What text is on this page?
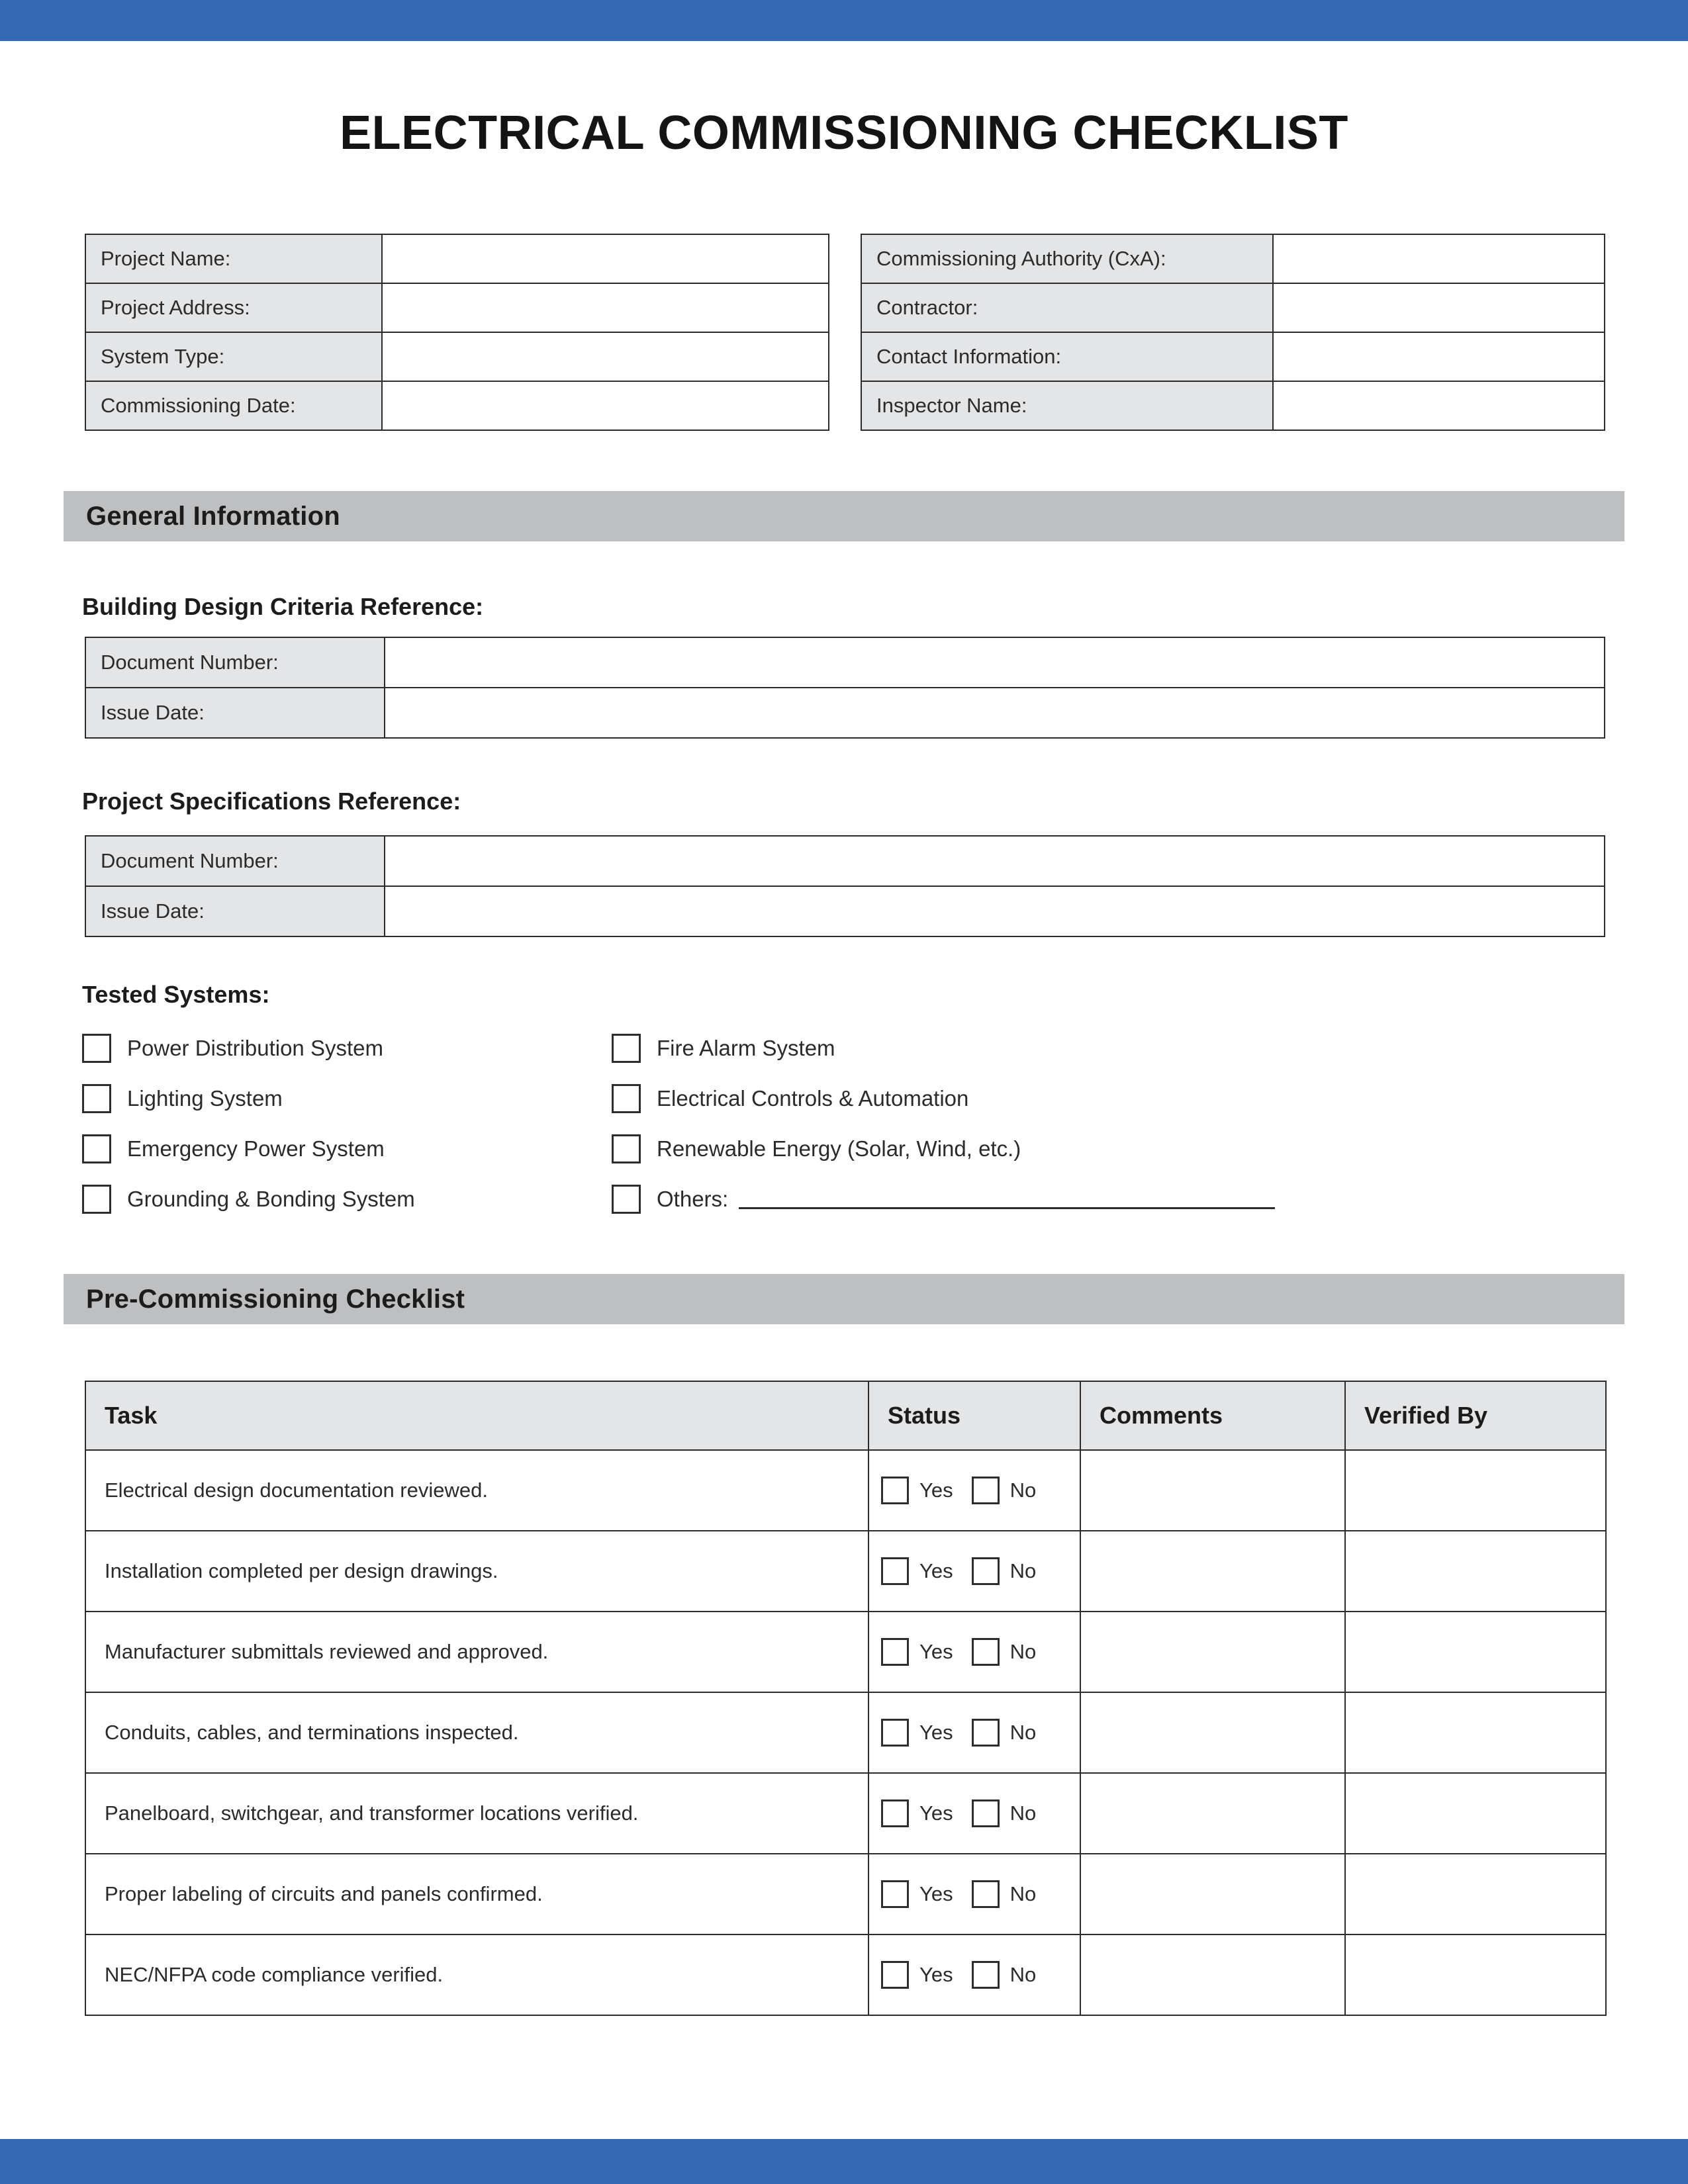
ELECTRICAL COMMISSIONING CHECKLIST
Project Name:	
Project Address:	
System Type:	
Commissioning Date:	
Commissioning Authority (CxA):	
Contractor:	
Contact Information:	
Inspector Name:	
General Information
Building Design Criteria Reference:
Document Number:	
Issue Date:	
Project Specifications Reference:
Document Number:	
Issue Date:	
Tested Systems:
Power Distribution System	Fire Alarm System
Lighting System	Electrical Controls & Automation
Emergency Power System	Renewable Energy (Solar, Wind, etc.)
Grounding & Bonding System	Others:
Pre-Commissioning Checklist
Task	Status	Comments	Verified By
Electrical design documentation reviewed.	Yes No		

Installation completed per design drawings.	Yes No		

Manufacturer submittals reviewed and approved.	Yes No		

Conduits, cables, and terminations inspected.	Yes No		

Panelboard, switchgear, and transformer locations verified.	Yes No		

Proper labeling of circuits and panels confirmed.	Yes No		

NEC/NFPA code compliance verified.	Yes No		
